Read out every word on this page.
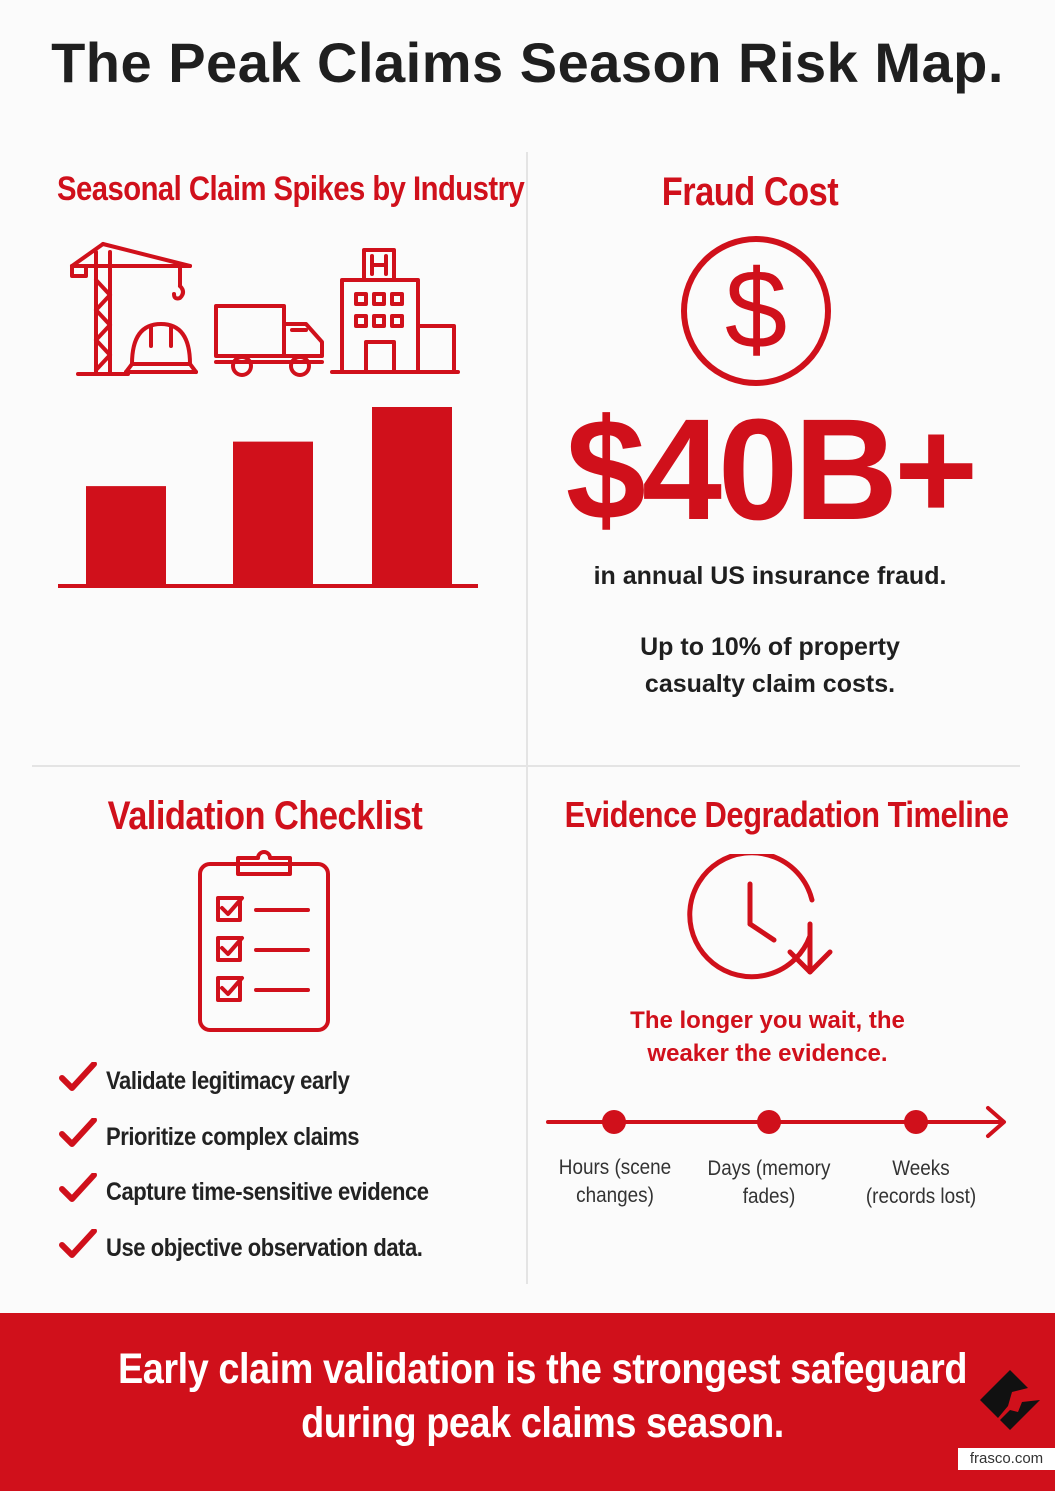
The Peak Claims Season Risk Map.
Seasonal Claim Spikes by Industry	Fraud Cost
$
$40B+
in annual US insurance fraud.
Up to 10% of property
casualty claim costs.
Validation Checklist
Validate legitimacy early
Prioritize complex claims
Capture time-sensitive evidence
Use objective observation data.
Evidence Degradation Timeline
The longer you wait, the
weaker the evidence.
Hours (scene
changes)
Days (memory
fades)
Weeks
(records lost)
Early claim validation is the strongest safeguard
during peak claims season.
frasco.com
